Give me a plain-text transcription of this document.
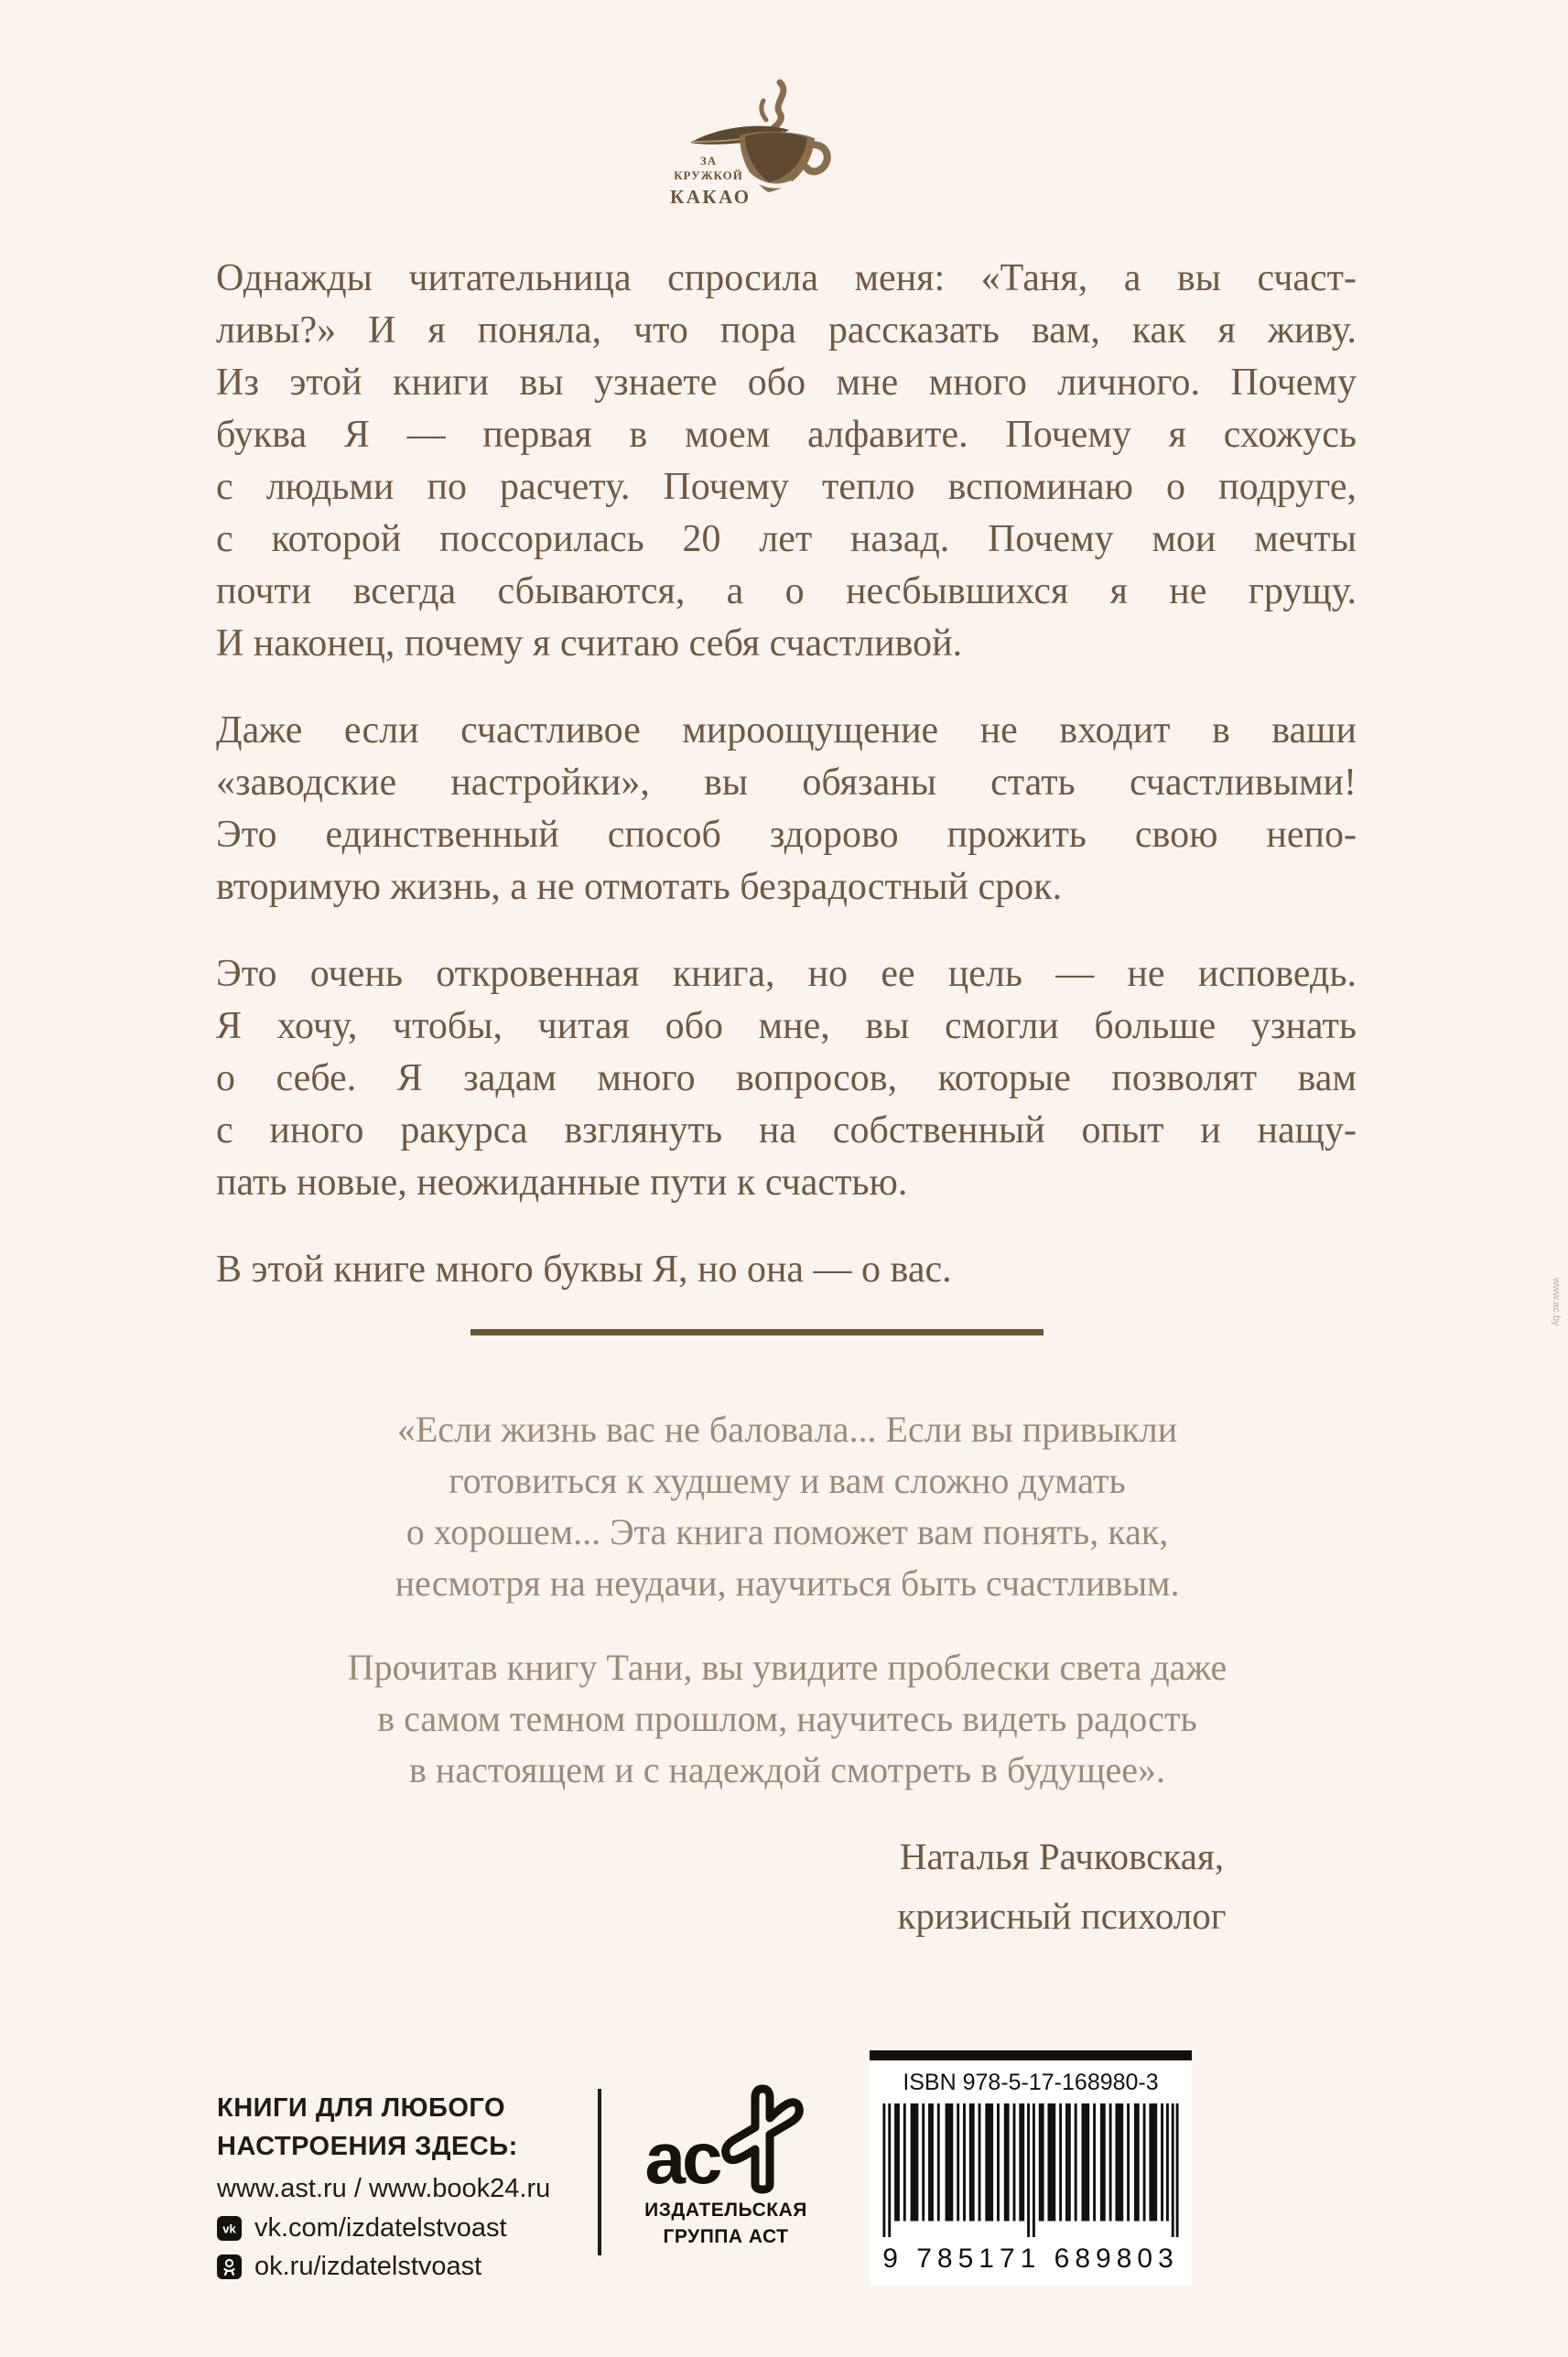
ЗА КРУЖКОЙ
КАКАО
Однажды читательница спросила меня: «Таня, а вы счаст-
ливы?» И я поняла, что пора рассказать вам, как я живу.
Из этой книги вы узнаете обо мне много личного. Почему
буква Я — первая в моем алфавите. Почему я схожусь
с людьми по расчету. Почему тепло вспоминаю о подруге,
с которой поссорилась 20 лет назад. Почему мои мечты
почти всегда сбываются, а о несбывшихся я не грущу.
И наконец, почему я считаю себя счастливой.
Даже если счастливое мироощущение не входит в ваши
«заводские настройки», вы обязаны стать счастливыми!
Это единственный способ здорово прожить свою непо-
вторимую жизнь, а не отмотать безрадостный срок.
Это очень откровенная книга, но ее цель — не исповедь.
Я хочу, чтобы, читая обо мне, вы смогли больше узнать
о себе. Я задам много вопросов, которые позволят вам
с иного ракурса взглянуть на собственный опыт и нащу-
пать новые, неожиданные пути к счастью.
В этой книге много буквы Я, но она — о вас.
«Если жизнь вас не баловала... Если вы привыкли
готовиться к худшему и вам сложно думать
о хорошем... Эта книга поможет вам понять, как,
несмотря на неудачи, научиться быть счастливым.
Прочитав книгу Тани, вы увидите проблески света даже
в самом темном прошлом, научитесь видеть радость
в настоящем и с надеждой смотреть в будущее».
Наталья Рачковская,
кризисный психолог
КНИГИ ДЛЯ ЛЮБОГО
НАСТРОЕНИЯ ЗДЕСЬ:
www.ast.ru / www.book24.ru
vk vk.com/izdatelstvoast
ok.ru/izdatelstvoast
ас
ИЗДАТЕЛЬСКАЯ
ГРУППА АСТ
ISBN 978-5-17-168980-3
9 785171 689803
www.ac.by
